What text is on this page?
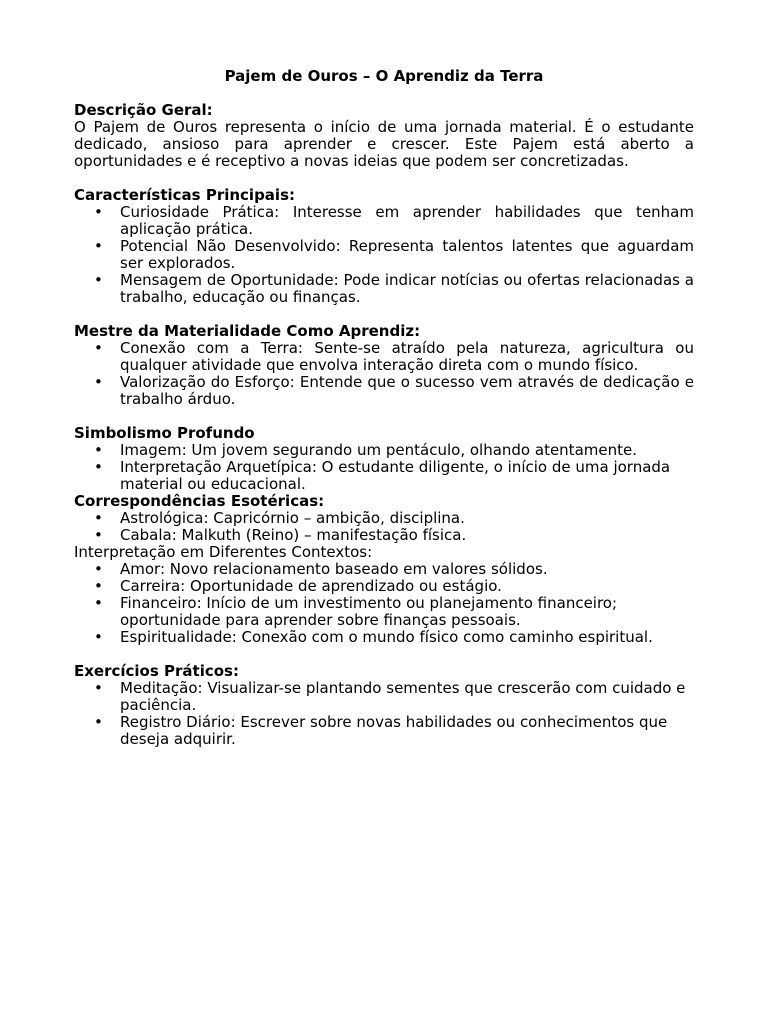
Pajem de Ouros – O Aprendiz da Terra
Descrição Geral:

O Pajem de Ouros representa o início de uma jornada material. É o estudante dedicado, ansioso para aprender e crescer. Este Pajem está aberto a oportunidades e é receptivo a novas ideias que podem ser concretizadas.

Características Principais:
• Curiosidade Prática: Interesse em aprender habilidades que tenham aplicação prática.
• Potencial Não Desenvolvido: Representa talentos latentes que aguardam ser explorados.
• Mensagem de Oportunidade: Pode indicar notícias ou ofertas relacionadas a trabalho, educação ou finanças.
Mestre da Materialidade Como Aprendiz:
• Conexão com a Terra: Sente-se atraído pela natureza, agricultura ou qualquer atividade que envolva interação direta com o mundo físico.
• Valorização do Esforço: Entende que o sucesso vem através de dedicação e trabalho árduo.
Simbolismo Profundo
• Imagem: Um jovem segurando um pentáculo, olhando atentamente.
• Interpretação Arquetípica: O estudante diligente, o início de uma jornada material ou educacional.
Correspondências Esotéricas:
• Astrológica: Capricórnio – ambição, disciplina.
• Cabala: Malkuth (Reino) – manifestação física.
Interpretação em Diferentes Contextos:
• Amor: Novo relacionamento baseado em valores sólidos.
• Carreira: Oportunidade de aprendizado ou estágio.
• Financeiro: Início de um investimento ou planejamento financeiro; oportunidade para aprender sobre finanças pessoais.
• Espiritualidade: Conexão com o mundo físico como caminho espiritual.
Exercícios Práticos:
• Meditação: Visualizar-se plantando sementes que crescerão com cuidado e paciência.
• Registro Diário: Escrever sobre novas habilidades ou conhecimentos que deseja adquirir.
